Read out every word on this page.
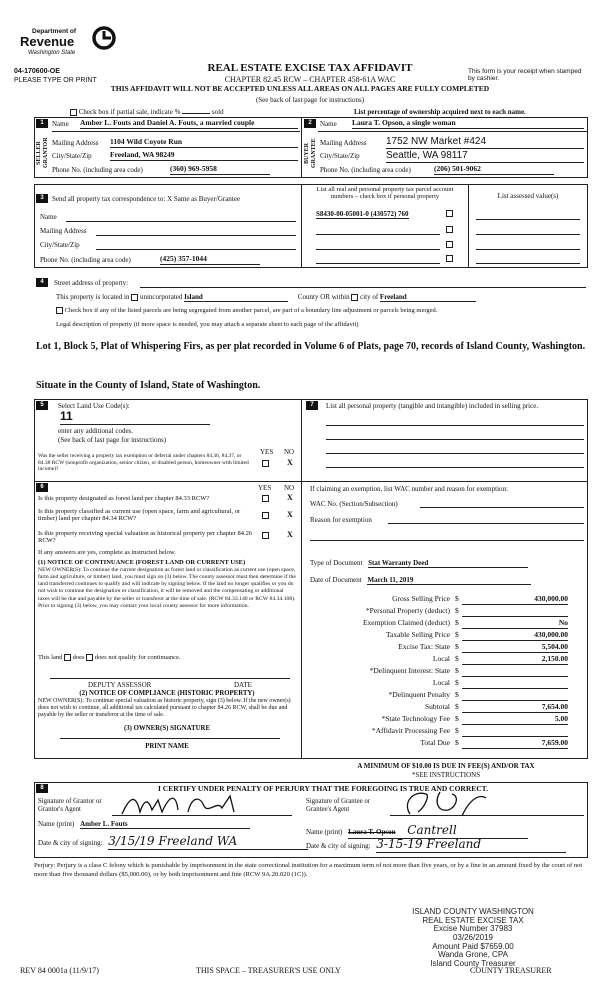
Department of
Revenue
Washington State
04-170600-OE
PLEASE TYPE OR PRINT
REAL ESTATE EXCISE TAX AFFIDAVIT
CHAPTER 82.45 RCW – CHAPTER 458-61A WAC
THIS AFFIDAVIT WILL NOT BE ACCEPTED UNLESS ALL AREAS ON ALL PAGES ARE FULLY COMPLETED
(See back of last page for instructions)
This form is your receipt when stamped by cashier.
Check box if partial sale, indicate %	sold	List percentage of ownership acquired next to each name.
1
SELLER GRANTOR
Name Amber L. Fouts and Daniel A. Fouts, a married couple
Mailing Address 1104 Wild Coyote Run
City/State/Zip Freeland, WA 98249
Phone No. (including area code)	(360) 969-5958
2
BUYER GRANTEE
Name Laura T. Opson, a single woman
Mailing Address 1752 NW Market #424
City/State/Zip	Seattle, WA 98117
Phone No. (including area code)	(206) 501-9062
3	Send all property tax correspondence to: X Same as Buyer/Grantee
Name
Mailing Address
City/State/Zip
Phone No. (including area code)	(425) 357-1044
List all real and personal property tax parcel account numbers – check box if personal property	List assessed value(s)
S8430-00-05001-0 (430572) 760
4	Street address of property:
This property is located in unincorporated Island	County OR within city of Freeland
Check box if any of the listed parcels are being segregated from another parcel, are part of a boundary line adjustment or parcels being merged.
Legal description of property (if more space is needed, you may attach a separate sheet to each page of the affidavit)
Lot 1, Block 5, Plat of Whispering Firs, as per plat recorded in Volume 6 of Plats, page 70, records of Island County, Washington.
Situate in the County of Island, State of Washington.
5	Select Land Use Code(s):
11
enter any additional codes.
(See back of last page for instructions)
YES NO
Was the seller receiving a property tax exemption or deferral under chapters 84.36, 84.37, or 84.38 RCW (nonprofit organization, senior citizen, or disabled person, homeowner with limited income)?
X
6	YES NO
Is this property designated as forest land per chapter 84.33 RCW?	X
Is this property classified as current use (open space, farm and agricultural, or timber) land per chapter 84.34 RCW?	X
Is this property receiving special valuation as historical property per chapter 84.26 RCW?
X
If any answers are yes, complete as instructed below.
(1) NOTICE OF CONTINUANCE (FOREST LAND OR CURRENT USE)
NEW OWNER(S): To continue the current designation as forest land or classification as current use (open space, farm and agriculture, or timber) land, you must sign on (3) below. The county assessor must then determine if the land transferred continues to qualify and will indicate by signing below. If the land no longer qualifies or you do not wish to continue the designation or classification, it will be removed and the compensating or additional taxes will be due and payable by the seller or transferor at the time of sale. (RCW 84.33.140 or RCW 84.34.108). Prior to signing (3) below, you may contact your local county assessor for more information.
This land does does not qualify for continuance.
DEPUTY ASSESSOR	DATE
(2) NOTICE OF COMPLIANCE (HISTORIC PROPERTY)
NEW OWNER(S): To continue special valuation as historic property, sign (3) below. If the new owner(s) does not wish to continue, all additional tax calculated pursuant to chapter 84.26 RCW, shall be due and payable by the seller or transferor at the time of sale.
(3) OWNER(S) SIGNATURE
PRINT NAME
7	List all personal property (tangible and intangible) included in selling price.
If claiming an exemption, list WAC number and reason for exemption:
WAC No. (Section/Subsection)
Reason for exemption
Type of Document Stat Warranty Deed
Date of Document March 11, 2019
Gross Selling Price $	430,000.00
*Personal Property (deduct) $
Exemption Claimed (deduct) $	No
Taxable Selling Price $	430,000.00
Excise Tax: State $	5,504.00
Local $	2,150.00
*Delinquent Interest: State $
Local $
*Delinquent Penalty $
Subtotal $	7,654.00
*State Technology Fee $	5.00
*Affidavit Processing Fee $
Total Due $	7,659.00
A MINIMUM OF $10.00 IS DUE IN FEE(S) AND/OR TAX
*SEE INSTRUCTIONS
8	I CERTIFY UNDER PENALTY OF PERJURY THAT THE FOREGOING IS TRUE AND CORRECT.
Signature of Grantor or Grantor's Agent
Name (print) Amber L. Fouts
Date & city of signing: 3/15/19 Freeland WA
Signature of Grantee or Grantee's Agent
Name (print) Laura T. Opson Cantrell
Date & city of signing: 3-15-19 Freeland
Perjury: Perjury is a class C felony which is punishable by imprisonment in the state correctional institution for a maximum term of not more than five years, or by a fine in an amount fixed by the court of not more than five thousand dollars ($5,000.00), or by both imprisonment and fine (RCW 9A.20.020 (1C)).
ISLAND COUNTY WASHINGTON
REAL ESTATE EXCISE TAX
Excise Number 37983
03/26/2019
Amount Paid $7659.00
Wanda Grone, CPA
Island County Treasurer
REV 84 0001a (11/9/17)	THIS SPACE – TREASURER'S USE ONLY	COUNTY TREASURER
